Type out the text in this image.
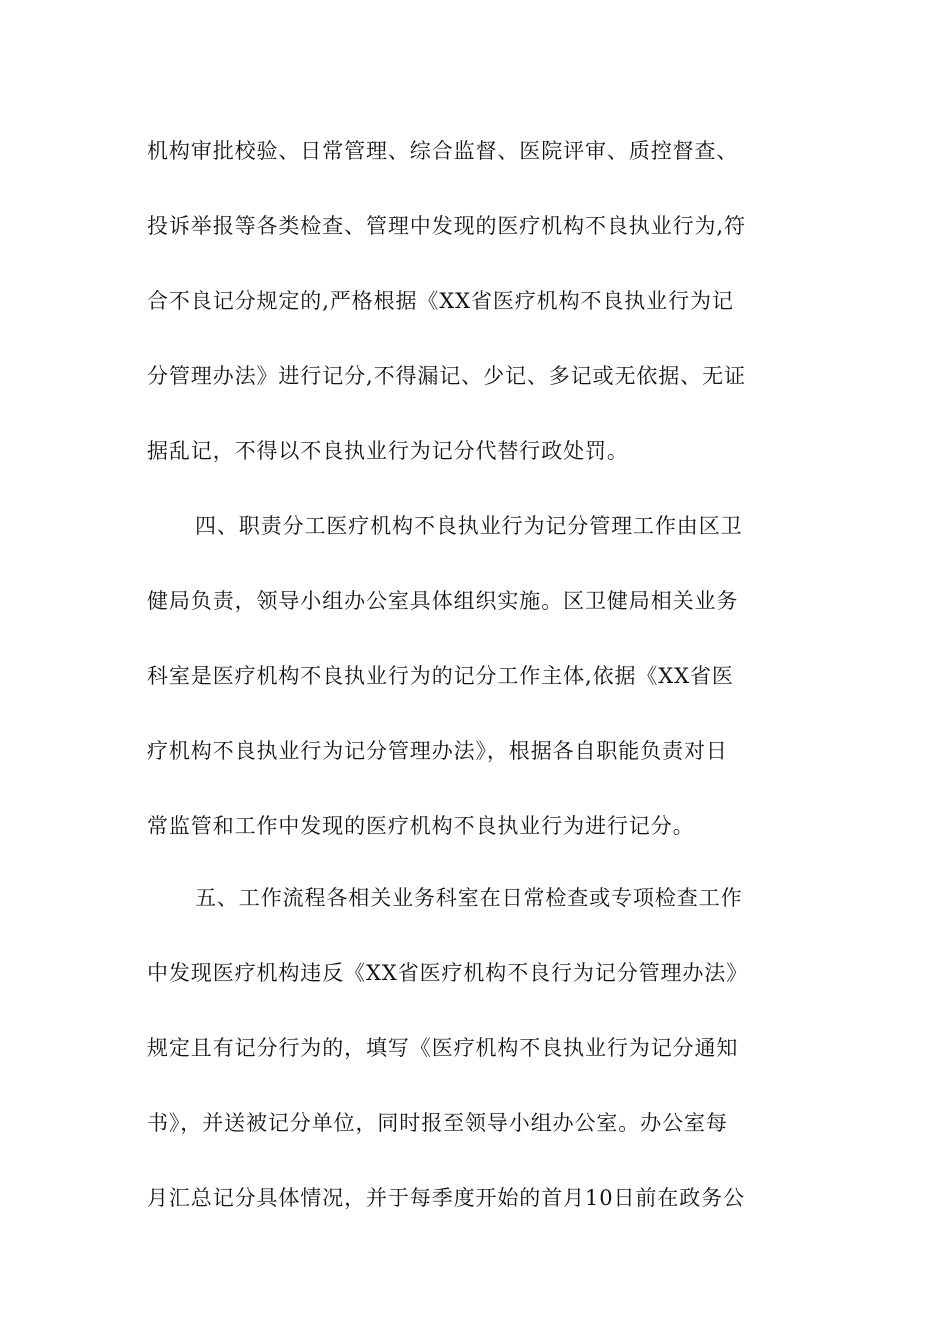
机构审批校验、日常管理、综合监督、医院评审、质控督查、
投诉举报等各类检查、管理中发现的医疗机构不良执业行为,符
合不良记分规定的,严格根据《XX省医疗机构不良执业行为记
分管理办法》进行记分,不得漏记、少记、多记或无依据、无证
据乱记，不得以不良执业行为记分代替行政处罚。
四、职责分工医疗机构不良执业行为记分管理工作由区卫
健局负责，领导小组办公室具体组织实施。区卫健局相关业务
科室是医疗机构不良执业行为的记分工作主体,依据《XX省医
疗机构不良执业行为记分管理办法》，根据各自职能负责对日
常监管和工作中发现的医疗机构不良执业行为进行记分。
五、工作流程各相关业务科室在日常检查或专项检查工作
中发现医疗机构违反《XX省医疗机构不良行为记分管理办法》
规定且有记分行为的，填写《医疗机构不良执业行为记分通知
书》，并送被记分单位，同时报至领导小组办公室。办公室每
月汇总记分具体情况，并于每季度开始的首月10日前在政务公
